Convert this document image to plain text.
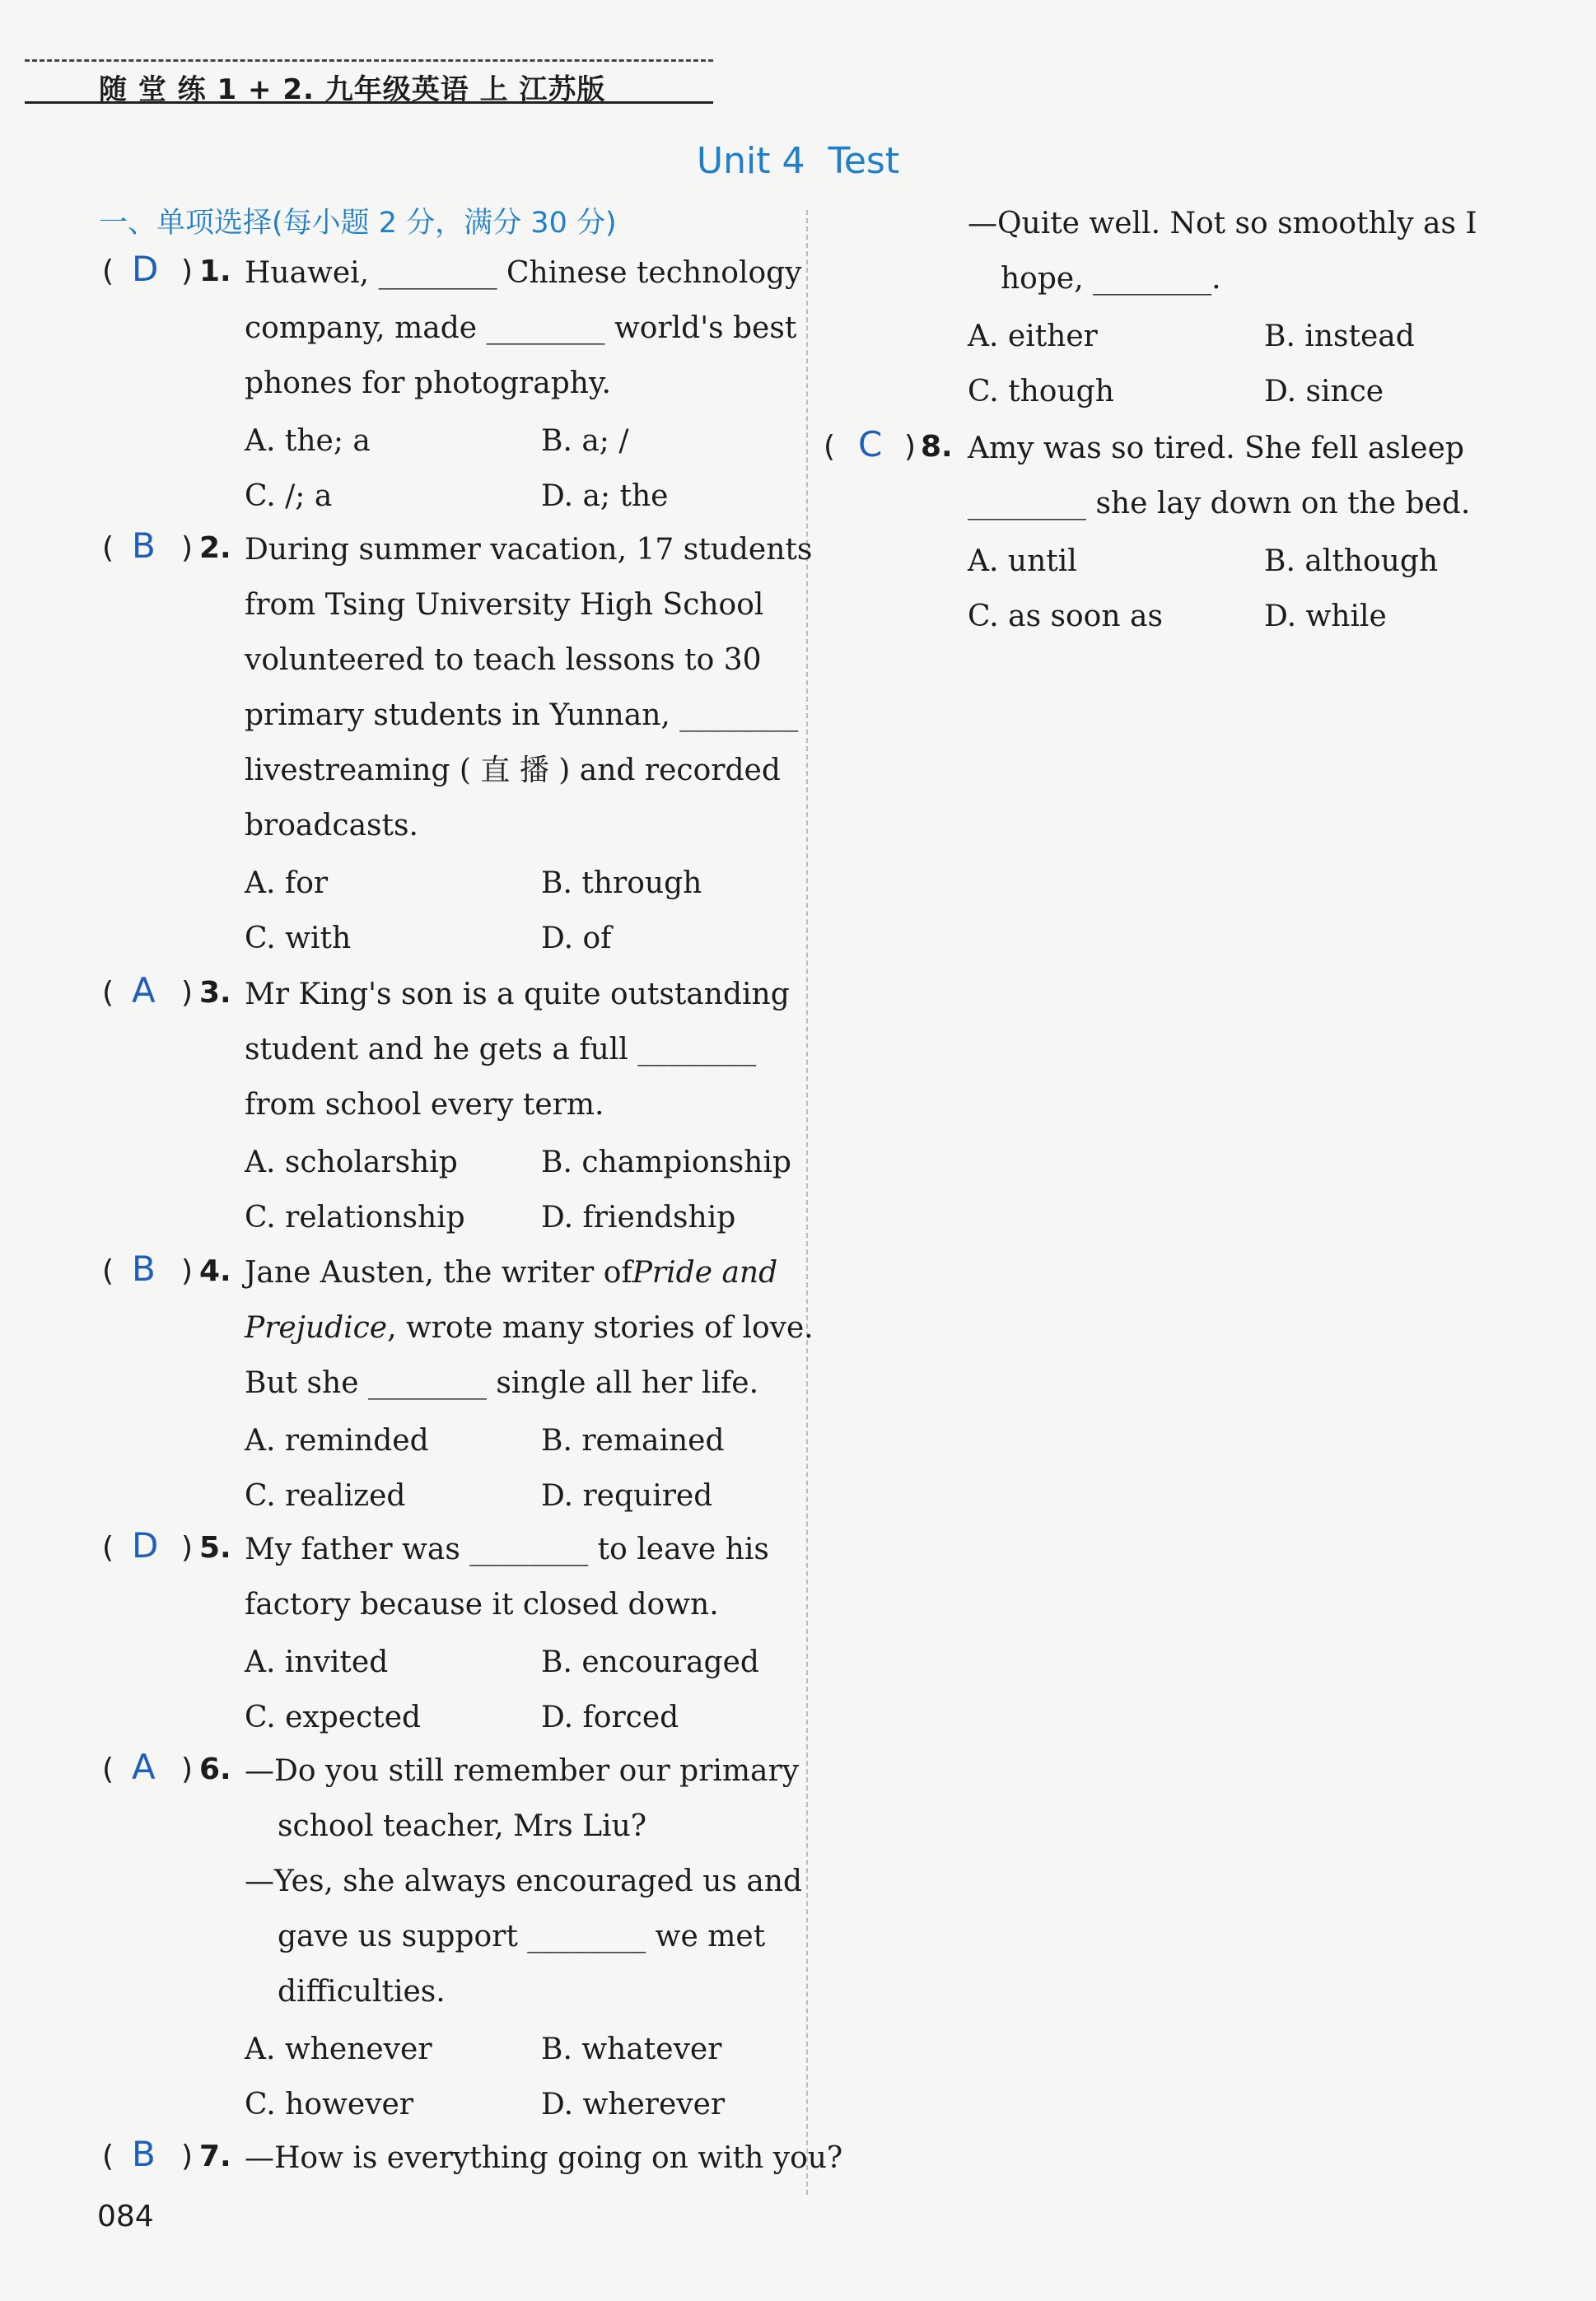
随 堂 练 1 + 2. 九年级英语 上 江苏版
Unit 4 Test
一、单项选择(每小题 2 分，满分 30 分)
( D ) 1. Huawei, ________ Chinese technology
company, made ________ world's best
phones for photography.
A. the; a	B. a; /
C. /; a	D. a; the
( B ) 2. During summer vacation, 17 students
from Tsing University High School
volunteered to teach lessons to 30
primary students in Yunnan, ________
livestreaming ( 直 播 ) and recorded
broadcasts.
A. for	B. through
C. with	D. of
( A ) 3. Mr King's son is a quite outstanding
student and he gets a full ________
from school every term.
A. scholarship	B. championship
C. relationship	D. friendship
( B ) 4. Jane Austen, the writer of Pride and
Prejudice , wrote many stories of love.
But she ________ single all her life.
A. reminded	B. remained
C. realized	D. required
( D ) 5. My father was ________ to leave his
factory because it closed down.
A. invited	B. encouraged
C. expected	D. forced
( A ) 6. —Do you still remember our primary
school teacher, Mrs Liu?
—Yes, she always encouraged us and
gave us support ________ we met
difficulties.
A. whenever	B. whatever
C. however	D. wherever
( B ) 7. —How is everything going on with you?
—Quite well. Not so smoothly as I
hope, ________.
A. either	B. instead
C. though	D. since
( C ) 8. Amy was so tired. She fell asleep
________ she lay down on the bed.
A. until	B. although
C. as soon as	D. while
084
